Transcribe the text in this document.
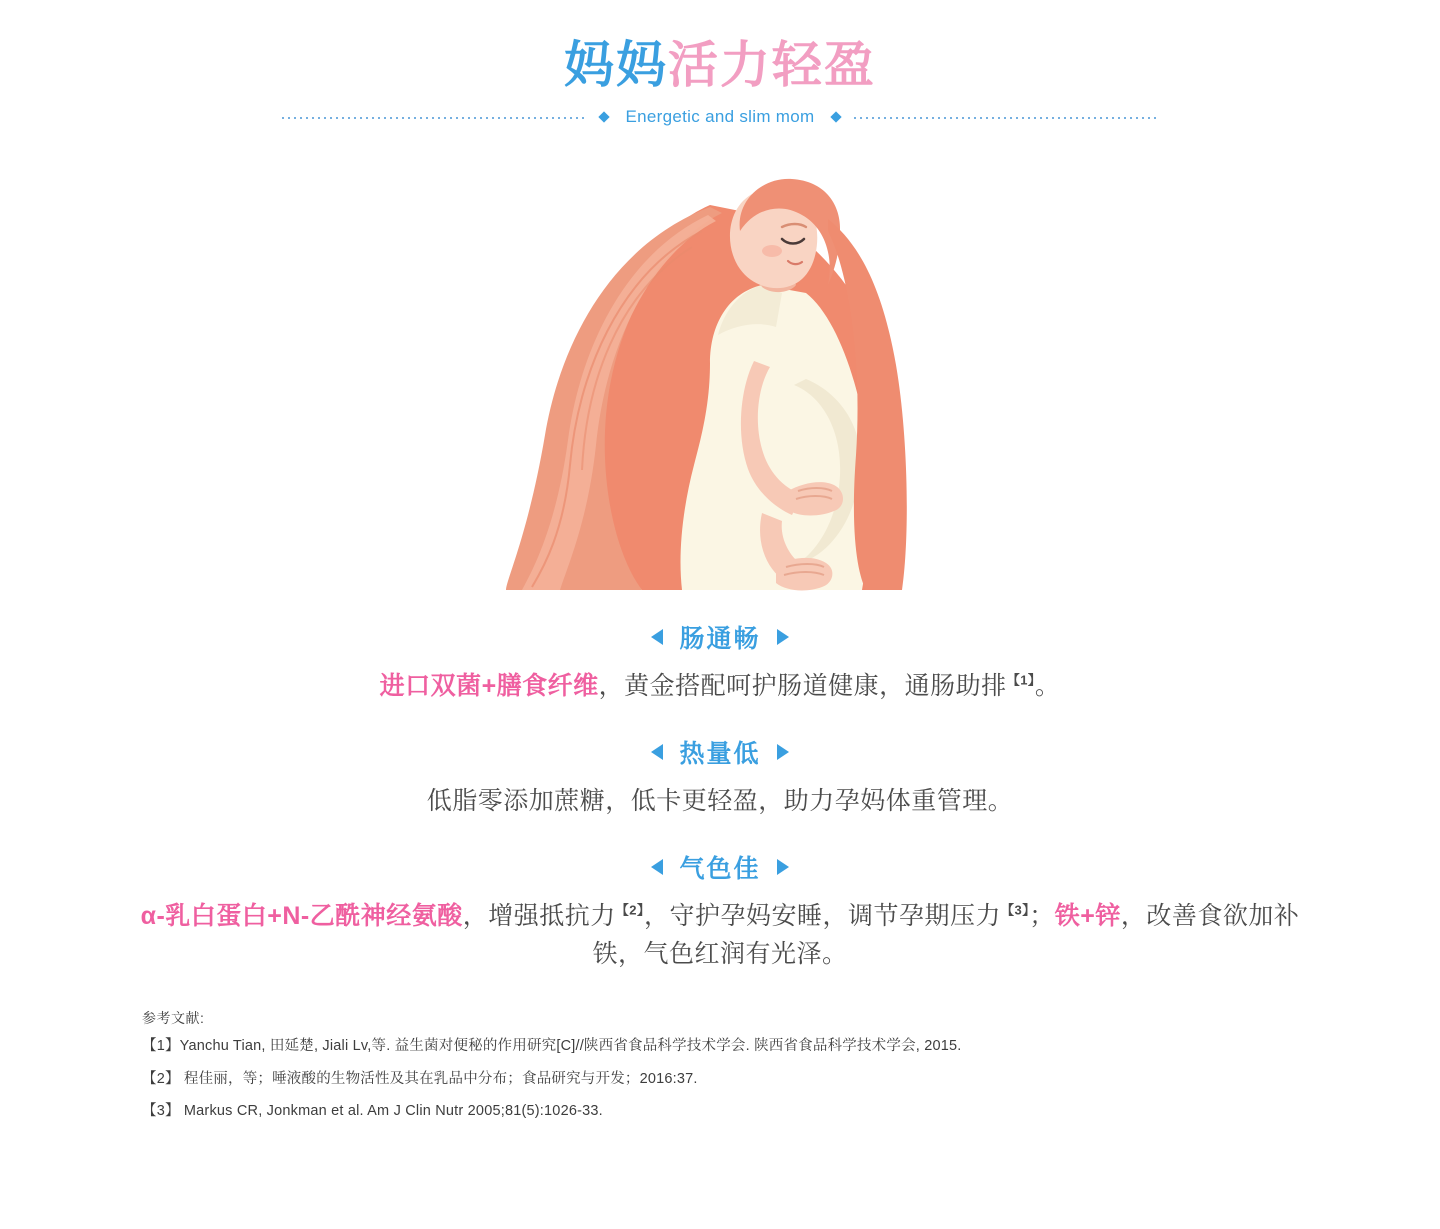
妈妈活力轻盈
Energetic and slim mom
肠通畅
进口双菌+膳食纤维，黄金搭配呵护肠道健康，通肠助排$^{【1】}$。
热量低
低脂零添加蔗糖，低卡更轻盈，助力孕妈体重管理。
气色佳
α-乳白蛋白+N-乙酰神经氨酸，增强抵抗力$^{【2】}$，守护孕妈安睡，调节孕期压力$^{【3】}$；铁+锌，改善食欲加补铁，气色红润有光泽。
参考文献:
【1】Yanchu Tian, 田延楚, Jiali Lv,等. 益生菌对便秘的作用研究[C]//陕西省食品科学技术学会. 陕西省食品科学技术学会, 2015.
【2】 程佳丽，等；唾液酸的生物活性及其在乳品中分布；食品研究与开发；2016:37.
【3】 Markus CR, Jonkman et al. Am J Clin Nutr 2005;81(5):1026-33.
